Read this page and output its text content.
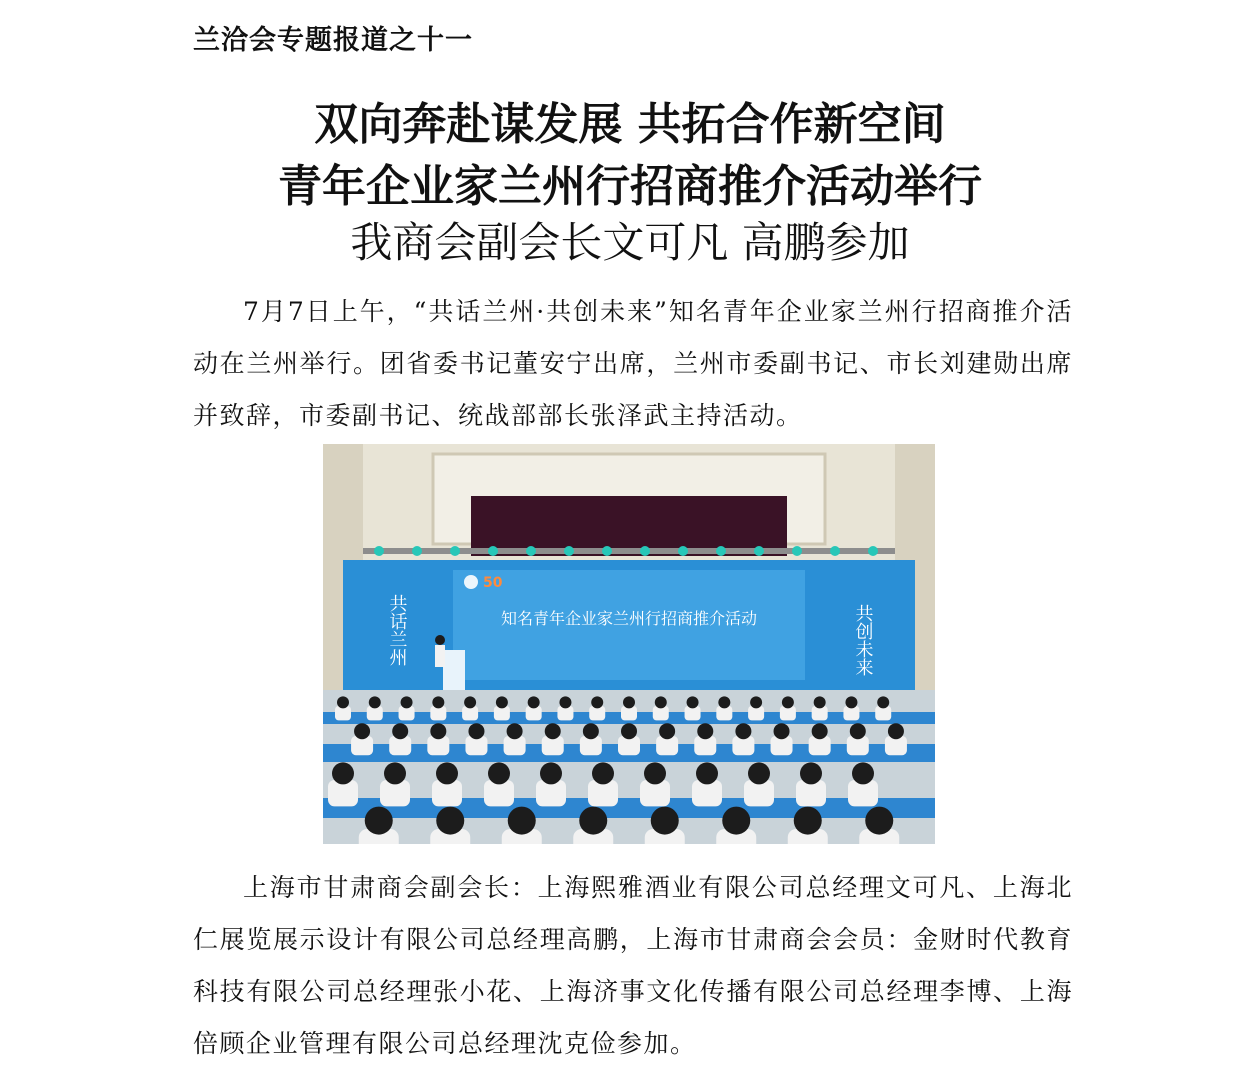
兰洽会专题报道之十一
双向奔赴谋发展 共拓合作新空间
青年企业家兰州行招商推介活动举行
我商会副会长文可凡 高鹏参加

7月7日上午，“共话兰州·共创未来”知名青年企业家兰州行招商推介活动在兰州举行。团省委书记董安宁出席，兰州市委副书记、市长刘建勋出席并致辞，市委副书记、统战部部长张泽武主持活动。

50
知名青年企业家兰州行招商推介活动
共话兰州	共创未来

上海市甘肃商会副会长：上海熙雅酒业有限公司总经理文可凡、上海北仁展览展示设计有限公司总经理高鹏，上海市甘肃商会会员：金财时代教育科技有限公司总经理张小花、上海济事文化传播有限公司总经理李博、上海倍顾企业管理有限公司总经理沈克俭参加。
